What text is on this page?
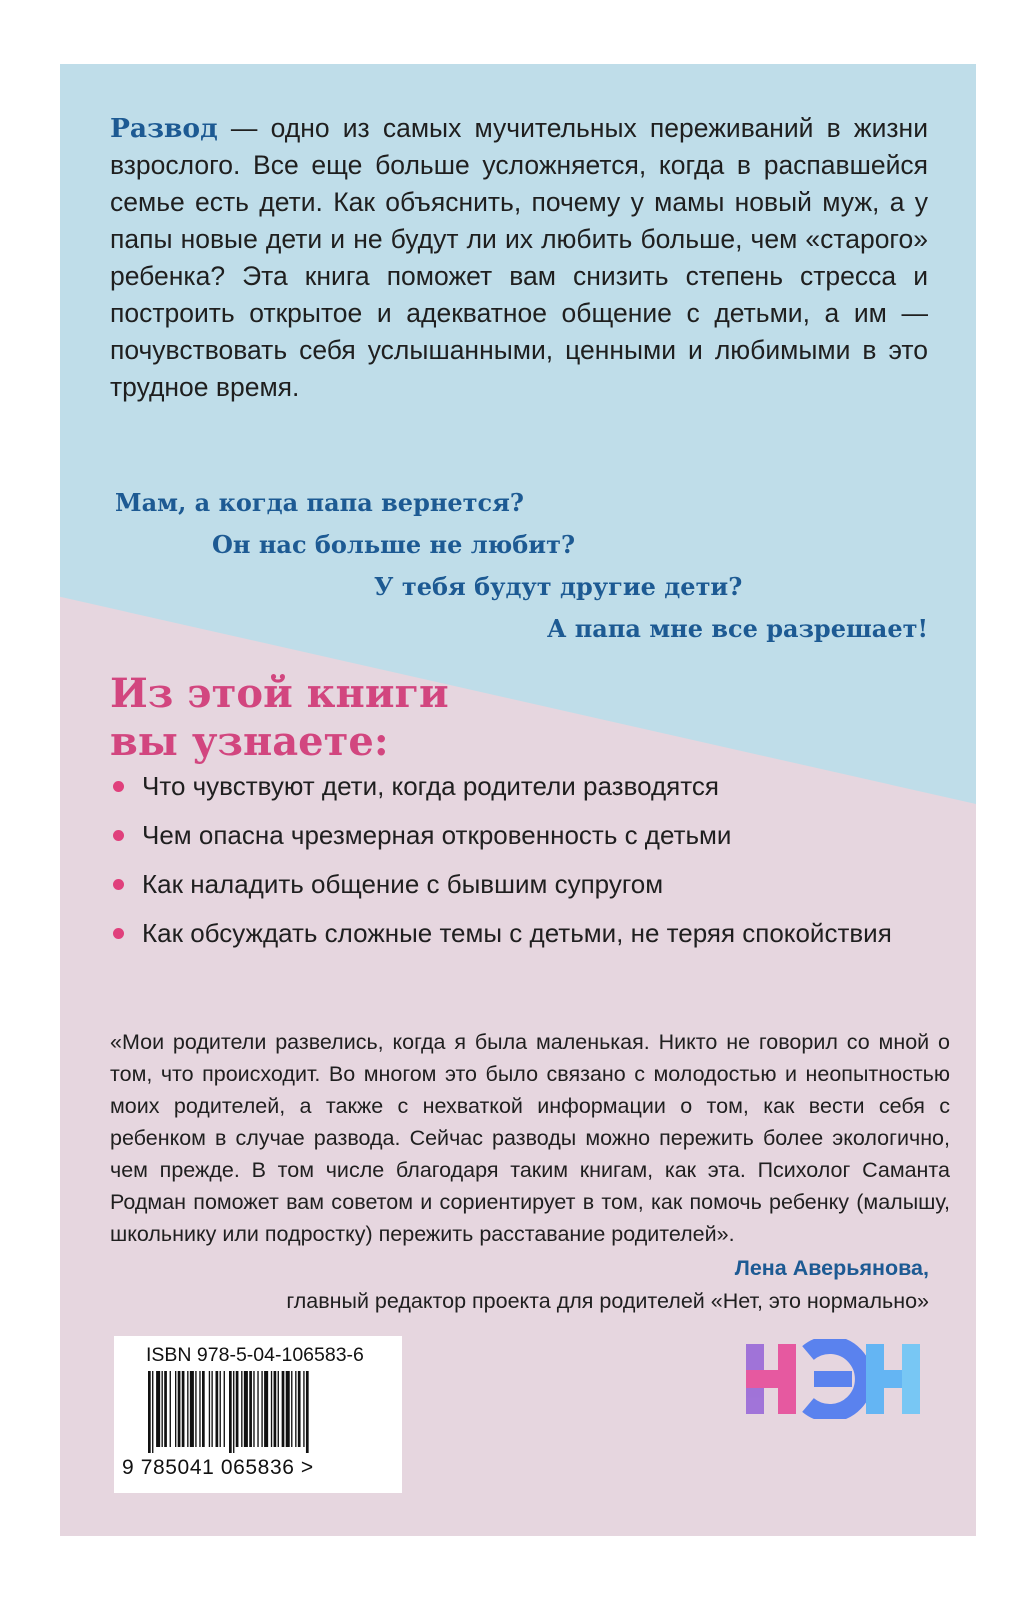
Развод — одно из самых мучительных переживаний в жизни взрослого. Все еще больше усложняется, когда в распавшейся семье есть дети. Как объяснить, почему у мамы новый муж, а у папы новые дети и не будут ли их любить больше, чем «старого» ребенка? Эта книга поможет вам снизить степень стресса и построить открытое и адекватное общение с детьми, а им — почувствовать себя услышанными, ценными и любимыми в это трудное время.

Мам, а когда папа вернется?

Он нас больше не любит?

У тебя будут другие дети?

А папа мне все разрешает!

Из этой книги
вы узнаете:
Что чувствуют дети, когда родители разводятся
Чем опасна чрезмерная откровенность с детьми
Как наладить общение с бывшим супругом
Как обсуждать сложные темы с детьми, не теряя спокойствия

«Мои родители развелись, когда я была маленькая. Никто не говорил со мной о том, что происходит. Во многом это было связано с молодостью и неопытностью моих родителей, а также с нехваткой информации о том, как вести себя с ребенком в случае развода. Сейчас разводы можно пережить более экологично, чем прежде. В том числе благодаря таким книгам, как эта. Психолог Саманта Родман поможет вам советом и сориентирует в том, как помочь ребенку (малышу, школьнику или подростку) пережить расставание родителей».

Лена Аверьянова,

главный редактор проекта для родителей «Нет, это нормально»

ISBN 978-5-04-106583-6

9 785041 065836 >
